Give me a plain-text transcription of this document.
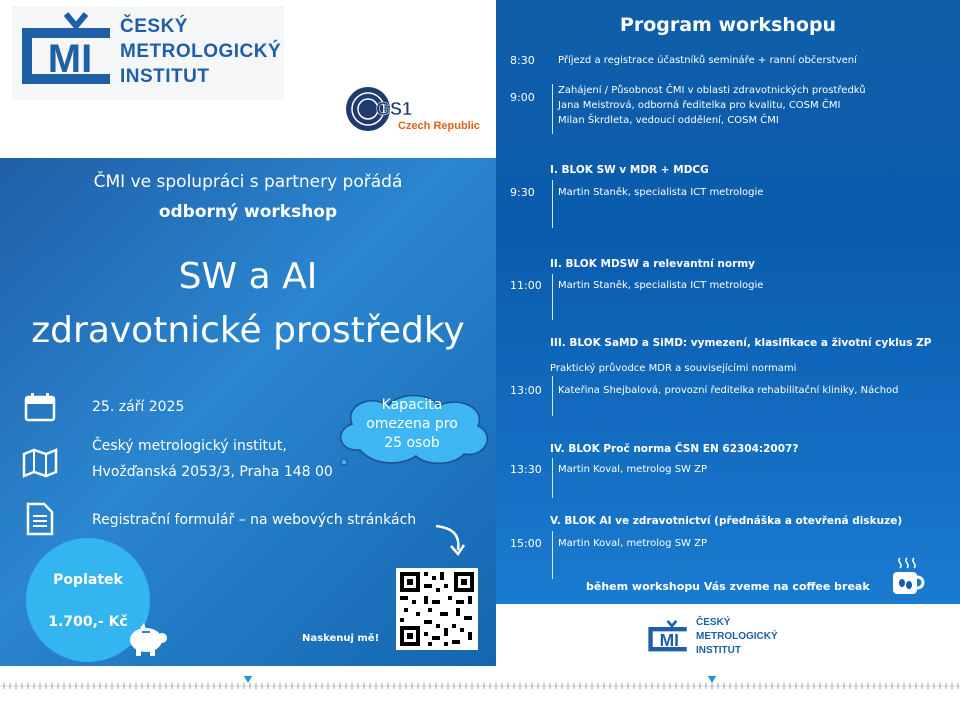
MI
ČESKÝ
METROLOGICKÝ
INSTITUT
GS1
Czech Republic
ČMI ve spolupráci s partnery pořádá
odborný workshop
SW a AI
zdravotnické prostředky
25. září 2025
Český metrologický institut,
Hvožďanská 2053/3, Praha 148 00
Registrační formulář – na webových stránkách
Kapacita
omezena pro
25 osob
Poplatek
1.700,- Kč
Naskenuj mě!
Program workshopu
8:30 Příjezd a registrace účastníků semináře + ranní občerstvení
9:00
Zahájení / Působnost ČMI v oblasti zdravotnických prostředků
Jana Meistrová, odborná ředitelka pro kvalitu, COSM ČMI
Milan Škrdleta, vedoucí oddělení, COSM ČMI
I. BLOK SW v MDR + MDCG
9:30 Martin Staněk, specialista ICT metrologie
II. BLOK MDSW a relevantní normy
11:00 Martin Staněk, specialista ICT metrologie
III. BLOK SaMD a SiMD: vymezení, klasifikace a životní cyklus ZP
Praktický průvodce MDR a souvisejícími normami
13:00 Kateřina Shejbalová, provozní ředitelka rehabilitační kliniky, Náchod
IV. BLOK Proč norma ČSN EN 62304:2007?
13:30 Martin Koval, metrolog SW ZP
V. BLOK AI ve zdravotnictví (přednáška a otevřená diskuze)
15:00 Martin Koval, metrolog SW ZP
během workshopu Vás zveme na coffee break
MI
ČESKÝ
METROLOGICKÝ
INSTITUT
